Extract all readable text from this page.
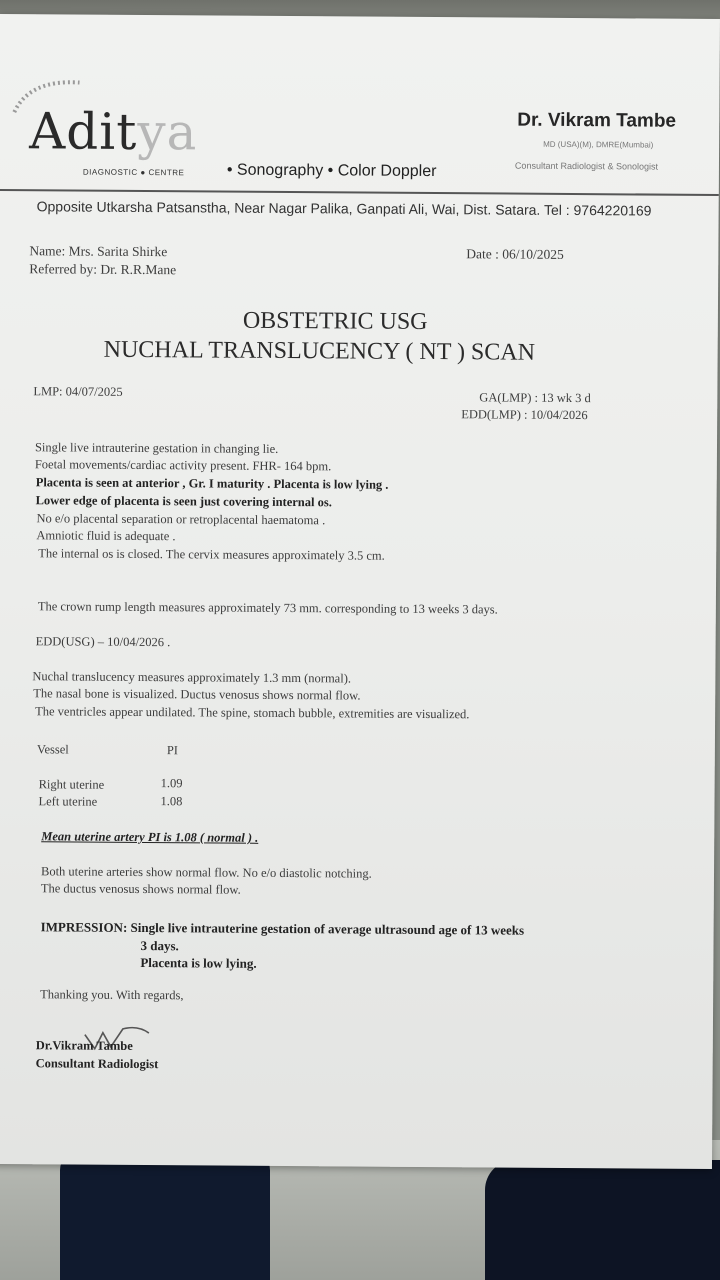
Aditya
DIAGNOSTIC ● CENTRE	• Sonography • Color Doppler
Dr. Vikram Tambe
MD (USA)(M), DMRE(Mumbai)
Consultant Radiologist & Sonologist
Opposite Utkarsha Patsanstha, Near Nagar Palika, Ganpati Ali, Wai, Dist. Satara. Tel : 9764220169
Name: Mrs. Sarita Shirke
Referred by: Dr. R.R.Mane
Date : 06/10/2025
OBSTETRIC USG
NUCHAL TRANSLUCENCY ( NT ) SCAN
LMP: 04/07/2025	GA(LMP) : 13 wk 3 d
EDD(LMP) : 10/04/2026
Single live intrauterine gestation in changing lie.
Foetal movements/cardiac activity present. FHR- 164 bpm.
Placenta is seen at anterior , Gr. I maturity . Placenta is low lying .
Lower edge of placenta is seen just covering internal os.
No e/o placental separation or retroplacental haematoma .
Amniotic fluid is adequate .
The internal os is closed. The cervix measures approximately 3.5 cm.
The crown rump length measures approximately 73 mm. corresponding to 13 weeks 3 days.
EDD(USG) – 10/04/2026 .
Nuchal translucency measures approximately 1.3 mm (normal).
The nasal bone is visualized. Ductus venosus shows normal flow.
The ventricles appear undilated. The spine, stomach bubble, extremities are visualized.
Vessel	PI
Right uterine	1.09
Left uterine	1.08
Mean uterine artery PI is 1.08 ( normal ) .
Both uterine arteries show normal flow. No e/o diastolic notching.
The ductus venosus shows normal flow.
IMPRESSION: Single live intrauterine gestation of average ultrasound age of 13 weeks
3 days.
Placenta is low lying.
Thanking you. With regards,
Dr.Vikram Tambe
Consultant Radiologist
